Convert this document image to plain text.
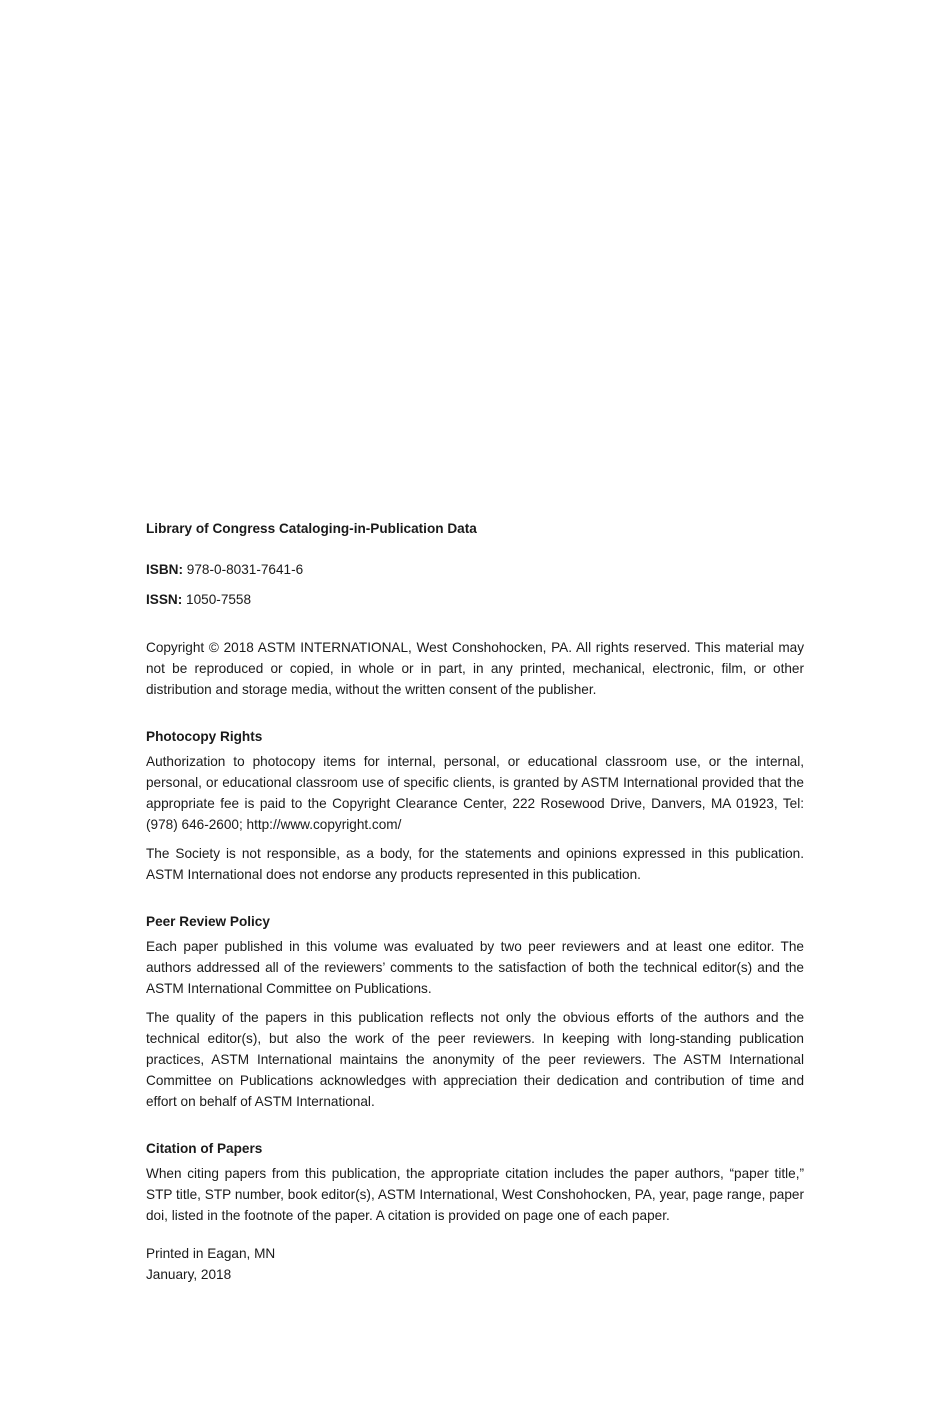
Library of Congress Cataloging-in-Publication Data
ISBN: 978-0-8031-7641-6
ISSN: 1050-7558

Copyright © 2018 ASTM INTERNATIONAL, West Conshohocken, PA. All rights reserved. This material may not be reproduced or copied, in whole or in part, in any printed, mechanical, electronic, film, or other distribution and storage media, without the written consent of the publisher.

Photocopy Rights

Authorization to photocopy items for internal, personal, or educational classroom use, or the internal, personal, or educational classroom use of specific clients, is granted by ASTM International provided that the appropriate fee is paid to the Copyright Clearance Center, 222 Rosewood Drive, Danvers, MA 01923, Tel: (978) 646-2600; http://www.copyright.com/

The Society is not responsible, as a body, for the statements and opinions expressed in this publication. ASTM International does not endorse any products represented in this publication.

Peer Review Policy

Each paper published in this volume was evaluated by two peer reviewers and at least one editor. The authors addressed all of the reviewers’ comments to the satisfaction of both the technical editor(s) and the ASTM International Committee on Publications.

The quality of the papers in this publication reflects not only the obvious efforts of the authors and the technical editor(s), but also the work of the peer reviewers. In keeping with long-standing publication practices, ASTM International maintains the anonymity of the peer reviewers. The ASTM International Committee on Publications acknowledges with appreciation their dedication and contribution of time and effort on behalf of ASTM International.

Citation of Papers

When citing papers from this publication, the appropriate citation includes the paper authors, “paper title,” STP title, STP number, book editor(s), ASTM International, West Conshohocken, PA, year, page range, paper doi, listed in the footnote of the paper. A citation is provided on page one of each paper.

Printed in Eagan, MN
January, 2018
